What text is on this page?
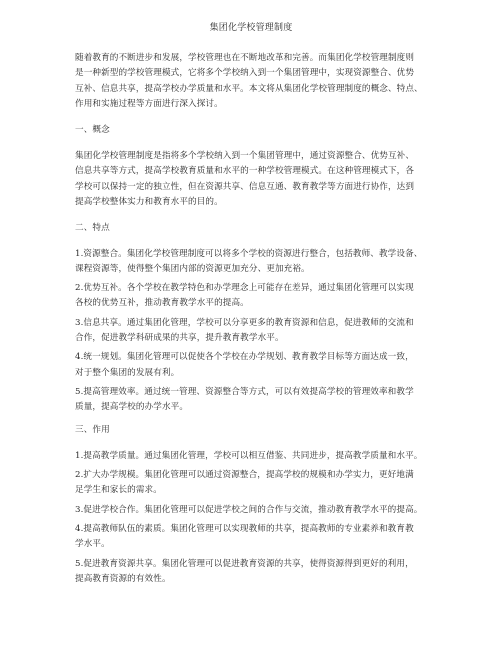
集团化学校管理制度
随着教育的不断进步和发展，学校管理也在不断地改革和完善。而集团化学校管理制度则
是一种新型的学校管理模式，它将多个学校纳入到一个集团管理中，实现资源整合、优势
互补、信息共享，提高学校办学质量和水平。本文将从集团化学校管理制度的概念、特点、
作用和实施过程等方面进行深入探讨。
一、概念
集团化学校管理制度是指将多个学校纳入到一个集团管理中，通过资源整合、优势互补、
信息共享等方式，提高学校教育质量和水平的一种学校管理模式。在这种管理模式下，各
学校可以保持一定的独立性，但在资源共享、信息互通、教育教学等方面进行协作，达到
提高学校整体实力和教育水平的目的。
二、特点
1.资源整合。集团化学校管理制度可以将多个学校的资源进行整合，包括教师、教学设备、
课程资源等，使得整个集团内部的资源更加充分、更加充裕。
2.优势互补。各个学校在教学特色和办学理念上可能存在差异，通过集团化管理可以实现
各校的优势互补，推动教育教学水平的提高。
3.信息共享。通过集团化管理，学校可以分享更多的教育资源和信息，促进教师的交流和
合作，促进教学科研成果的共享，提升教育教学水平。
4.统一规划。集团化管理可以促使各个学校在办学规划、教育教学目标等方面达成一致，
对于整个集团的发展有利。
5.提高管理效率。通过统一管理、资源整合等方式，可以有效提高学校的管理效率和教学
质量，提高学校的办学水平。
三、作用
1.提高教学质量。通过集团化管理，学校可以相互借鉴、共同进步，提高教学质量和水平。
2.扩大办学规模。集团化管理可以通过资源整合，提高学校的规模和办学实力，更好地满
足学生和家长的需求。
3.促进学校合作。集团化管理可以促进学校之间的合作与交流，推动教育教学水平的提高。
4.提高教师队伍的素质。集团化管理可以实现教师的共享，提高教师的专业素养和教育教
学水平。
5.促进教育资源共享。集团化管理可以促进教育资源的共享，使得资源得到更好的利用，
提高教育资源的有效性。
